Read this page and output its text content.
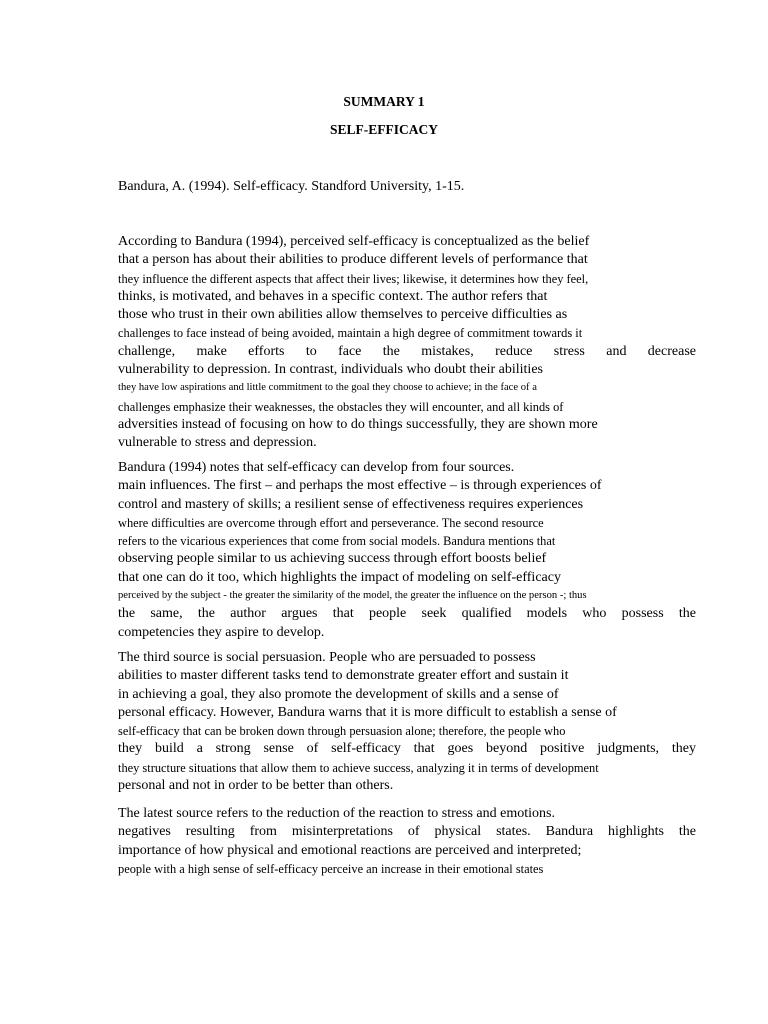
SUMMARY 1
SELF-EFFICACY

Bandura, A. (1994). Self-efficacy. Standford University, 1-15.

According to Bandura (1994), perceived self-efficacy is conceptualized as the belief
that a person has about their abilities to produce different levels of performance that
they influence the different aspects that affect their lives; likewise, it determines how they feel,
thinks, is motivated, and behaves in a specific context. The author refers that
those who trust in their own abilities allow themselves to perceive difficulties as
challenges to face instead of being avoided, maintain a high degree of commitment towards it
challenge, make efforts to face the mistakes, reduce stress and decrease
vulnerability to depression. In contrast, individuals who doubt their abilities
they have low aspirations and little commitment to the goal they choose to achieve; in the face of a
challenges emphasize their weaknesses, the obstacles they will encounter, and all kinds of
adversities instead of focusing on how to do things successfully, they are shown more
vulnerable to stress and depression.
Bandura (1994) notes that self-efficacy can develop from four sources.
main influences. The first – and perhaps the most effective – is through experiences of
control and mastery of skills; a resilient sense of effectiveness requires experiences
where difficulties are overcome through effort and perseverance. The second resource
refers to the vicarious experiences that come from social models. Bandura mentions that
observing people similar to us achieving success through effort boosts belief
that one can do it too, which highlights the impact of modeling on self-efficacy
perceived by the subject - the greater the similarity of the model, the greater the influence on the person -; thus
the same, the author argues that people seek qualified models who possess the
competencies they aspire to develop.
The third source is social persuasion. People who are persuaded to possess
abilities to master different tasks tend to demonstrate greater effort and sustain it
in achieving a goal, they also promote the development of skills and a sense of
personal efficacy. However, Bandura warns that it is more difficult to establish a sense of
self-efficacy that can be broken down through persuasion alone; therefore, the people who
they build a strong sense of self-efficacy that goes beyond positive judgments, they
they structure situations that allow them to achieve success, analyzing it in terms of development
personal and not in order to be better than others.
The latest source refers to the reduction of the reaction to stress and emotions.
negatives resulting from misinterpretations of physical states. Bandura highlights the
importance of how physical and emotional reactions are perceived and interpreted;
people with a high sense of self-efficacy perceive an increase in their emotional states
